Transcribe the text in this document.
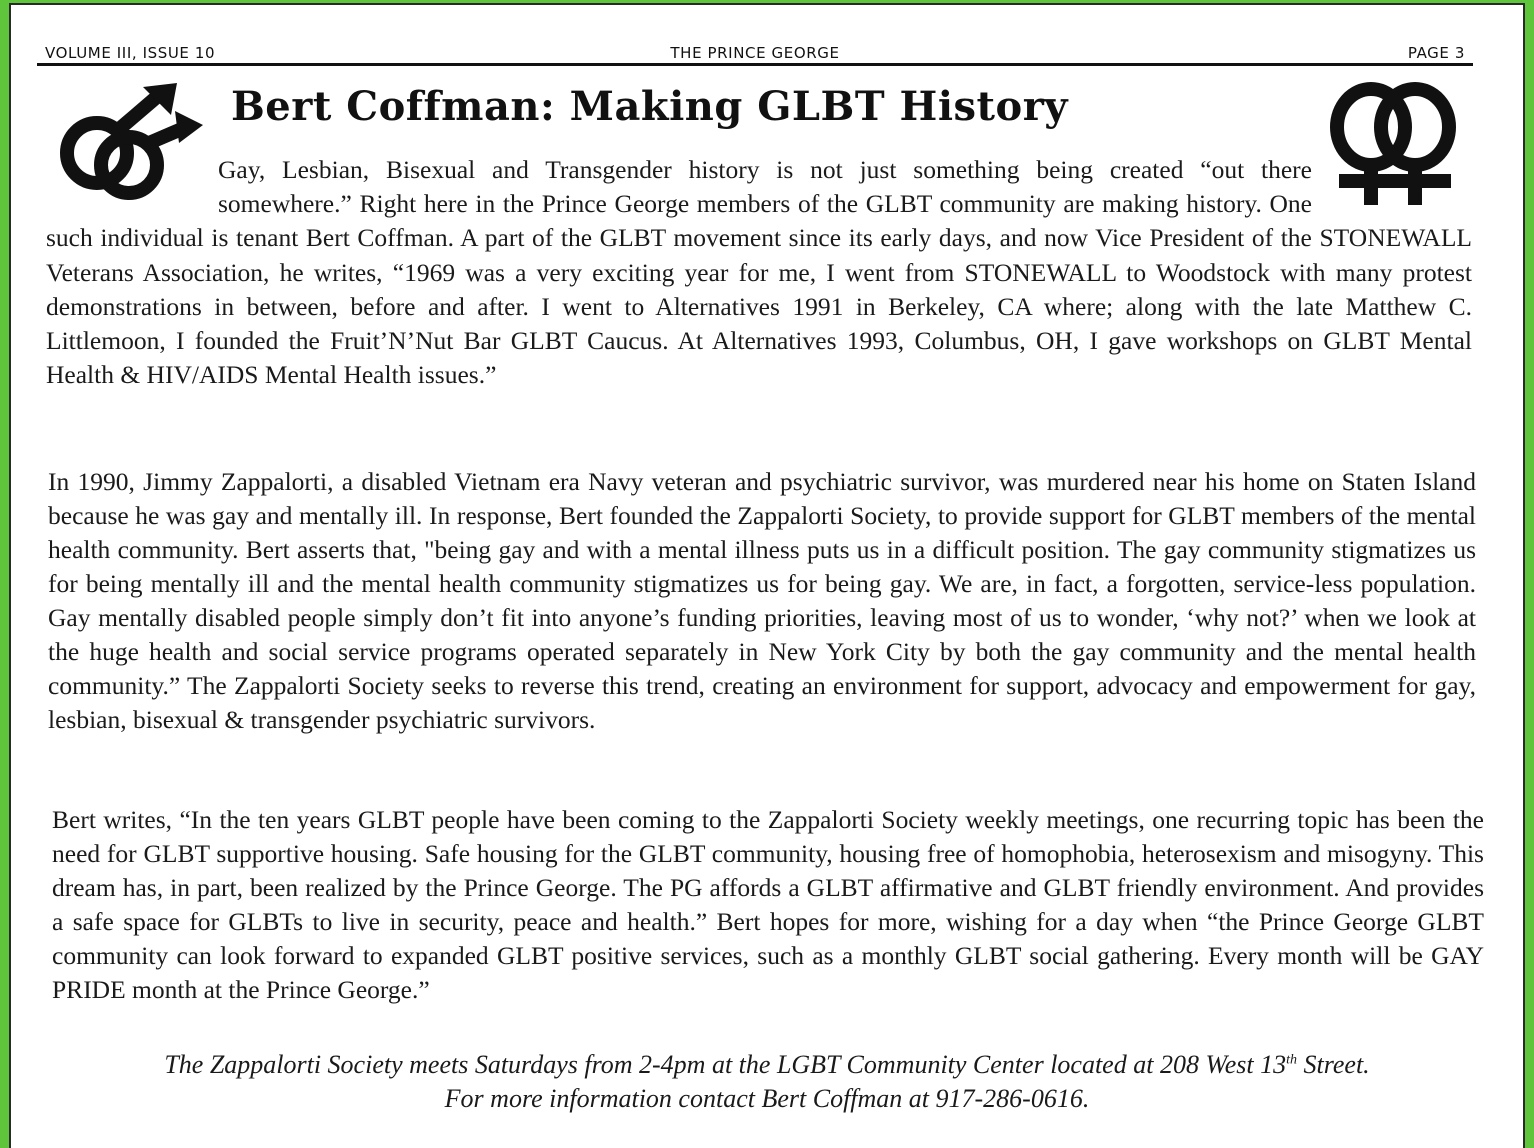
VOLUME III, ISSUE 10	THE PRINCE GEORGE	PAGE 3
Bert Coffman: Making GLBT History

Gay, Lesbian, Bisexual and Transgender history is not just something being created “out there somewhere.” Right here in the Prince George members of the GLBT community are making history. One such individual is tenant Bert Coffman. A part of the GLBT movement since its early days, and now Vice President of the STONEWALL Veterans Association, he writes, “1969 was a very exciting year for me, I went from STONEWALL to Woodstock with many protest demonstrations in between, before and after. I went to Alternatives 1991 in Berkeley, CA where; along with the late Matthew C. Littlemoon, I founded the Fruit’N’Nut Bar GLBT Caucus. At Alternatives 1993, Columbus, OH, I gave workshops on GLBT Mental Health & HIV/AIDS Mental Health issues.”

In 1990, Jimmy Zappalorti, a disabled Vietnam era Navy veteran and psychiatric survivor, was murdered near his home on Staten Island because he was gay and mentally ill. In response, Bert founded the Zappalorti Society, to provide support for GLBT members of the mental health community. Bert asserts that, "being gay and with a mental illness puts us in a difficult position. The gay community stigmatizes us for being mentally ill and the mental health community stigmatizes us for being gay. We are, in fact, a forgotten, service-less population. Gay mentally disabled people simply don’t fit into anyone’s funding priorities, leaving most of us to wonder, ‘why not?’ when we look at the huge health and social service programs operated separately in New York City by both the gay community and the mental health community.” The Zappalorti Society seeks to reverse this trend, creating an environment for support, advocacy and empowerment for gay, lesbian, bisexual & transgender psychiatric survivors.

Bert writes, “In the ten years GLBT people have been coming to the Zappalorti Society weekly meetings, one recurring topic has been the need for GLBT supportive housing. Safe housing for the GLBT community, housing free of homophobia, heterosexism and misogyny. This dream has, in part, been realized by the Prince George. The PG affords a GLBT affirmative and GLBT friendly environment. And provides a safe space for GLBTs to live in security, peace and health.” Bert hopes for more, wishing for a day when “the Prince George GLBT community can look forward to expanded GLBT positive services, such as a monthly GLBT social gathering. Every month will be GAY PRIDE month at the Prince George.”

The Zappalorti Society meets Saturdays from 2-4pm at the LGBT Community Center located at 208 West 13th Street.
For more information contact Bert Coffman at 917-286-0616.
